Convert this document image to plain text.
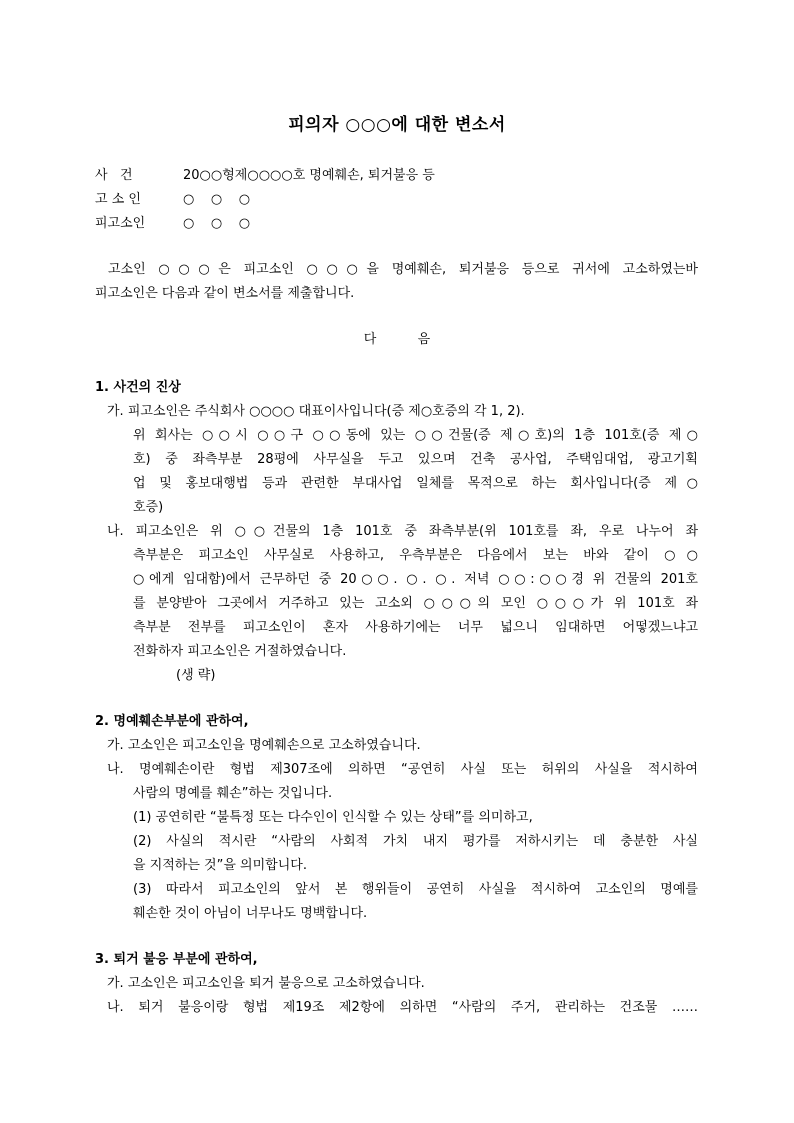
피의자 ○○○에 대한 변소서
사   건	20○○형제○○○○호 명예훼손, 퇴거불응 등
고 소 인	○    ○    ○
피고소인	○    ○    ○
고소인 ○○○은 피고소인 ○○○을 명예훼손, 퇴거불응 등으로 귀서에 고소하였는바
피고소인은 다음과 같이 변소서를 제출합니다.
다          음
1. 사건의 진상
가. 피고소인은 주식회사 ○○○○ 대표이사입니다(증 제○호증의 각 1, 2).
위 회사는 ○○시 ○○구 ○○동에 있는 ○○건물(증 제○호)의 1층 101호(증 제○
호) 중 좌측부분 28평에 사무실을 두고 있으며 건축 공사업, 주택임대업, 광고기획
업 및 홍보대행법 등과 관련한 부대사업 일체를 목적으로 하는 회사입니다(증 제○
호증)
나. 피고소인은 위 ○○건물의 1층 101호 중 좌측부분(위 101호를 좌, 우로 나누어 좌
측부분은 피고소인 사무실로 사용하고, 우측부분은 다음에서 보는 바와 같이 ○○
○에게 임대함)에서 근무하던 중 20○○. ○. ○. 저녁 ○○:○○경 위 건물의 201호
를 분양받아 그곳에서 거주하고 있는 고소외 ○○○의 모인 ○○○가 위 101호 좌
측부분 전부를 피고소인이 혼자 사용하기에는 너무 넓으니 임대하면 어떻겠느냐고
전화하자 피고소인은 거절하였습니다.
(생 략)
2. 명예훼손부분에 관하여,
가. 고소인은 피고소인을 명예훼손으로 고소하였습니다.
나. 명예훼손이란 형법 제307조에 의하면 “공연히 사실 또는 허위의 사실을 적시하여
사람의 명예를 훼손”하는 것입니다.
(1) 공연히란 “불특정 또는 다수인이 인식할 수 있는 상태”를 의미하고,
(2) 사실의 적시란 “사람의 사회적 가치 내지 평가를 저하시키는 데 충분한 사실
을 지적하는 것”을 의미합니다.
(3) 따라서 피고소인의 앞서 본 행위들이 공연히 사실을 적시하여 고소인의 명예를
훼손한 것이 아님이 너무나도 명백합니다.
3. 퇴거 불응 부분에 관하여,
가. 고소인은 피고소인을 퇴거 불응으로 고소하였습니다.
나. 퇴거 불응이랑 형법 제19조 제2항에 의하면 “사람의 주거, 관리하는 건조물 ……
